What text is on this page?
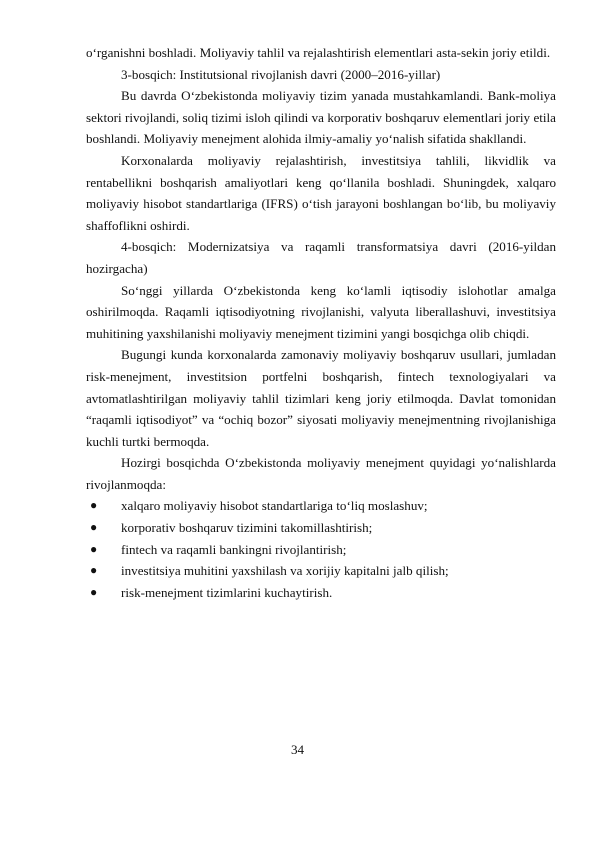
o‘rganishni boshladi. Moliyaviy tahlil va rejalashtirish elementlari asta-sekin joriy etildi.

3-bosqich: Institutsional rivojlanish davri (2000–2016-yillar)

Bu davrda O‘zbekistonda moliyaviy tizim yanada mustahkamlandi. Bank-moliya sektori rivojlandi, soliq tizimi isloh qilindi va korporativ boshqaruv elementlari joriy etila boshlandi. Moliyaviy menejment alohida ilmiy-amaliy yo‘nalish sifatida shakllandi.

Korxonalarda moliyaviy rejalashtirish, investitsiya tahlili, likvidlik va rentabellikni boshqarish amaliyotlari keng qo‘llanila boshladi. Shuningdek, xalqaro moliyaviy hisobot standartlariga (IFRS) o‘tish jarayoni boshlangan bo‘lib, bu moliyaviy shaffoflikni oshirdi.

4-bosqich: Modernizatsiya va raqamli transformatsiya davri (2016-yildan hozirgacha)

So‘nggi yillarda O‘zbekistonda keng ko‘lamli iqtisodiy islohotlar amalga oshirilmoqda. Raqamli iqtisodiyotning rivojlanishi, valyuta liberallashuvi, investitsiya muhitining yaxshilanishi moliyaviy menejment tizimini yangi bosqichga olib chiqdi.

Bugungi kunda korxonalarda zamonaviy moliyaviy boshqaruv usullari, jumladan risk-menejment, investitsion portfelni boshqarish, fintech texnologiyalari va avtomatlashtirilgan moliyaviy tahlil tizimlari keng joriy etilmoqda. Davlat tomonidan “raqamli iqtisodiyot” va “ochiq bozor” siyosati moliyaviy menejmentning rivojlanishiga kuchli turtki bermoqda.

Hozirgi bosqichda O‘zbekistonda moliyaviy menejment quyidagi yo‘nalishlarda rivojlanmoqda:

● xalqaro moliyaviy hisobot standartlariga to‘liq moslashuv;
● korporativ boshqaruv tizimini takomillashtirish;
● fintech va raqamli bankingni rivojlantirish;
● investitsiya muhitini yaxshilash va xorijiy kapitalni jalb qilish;
● risk-menejment tizimlarini kuchaytirish.
34
